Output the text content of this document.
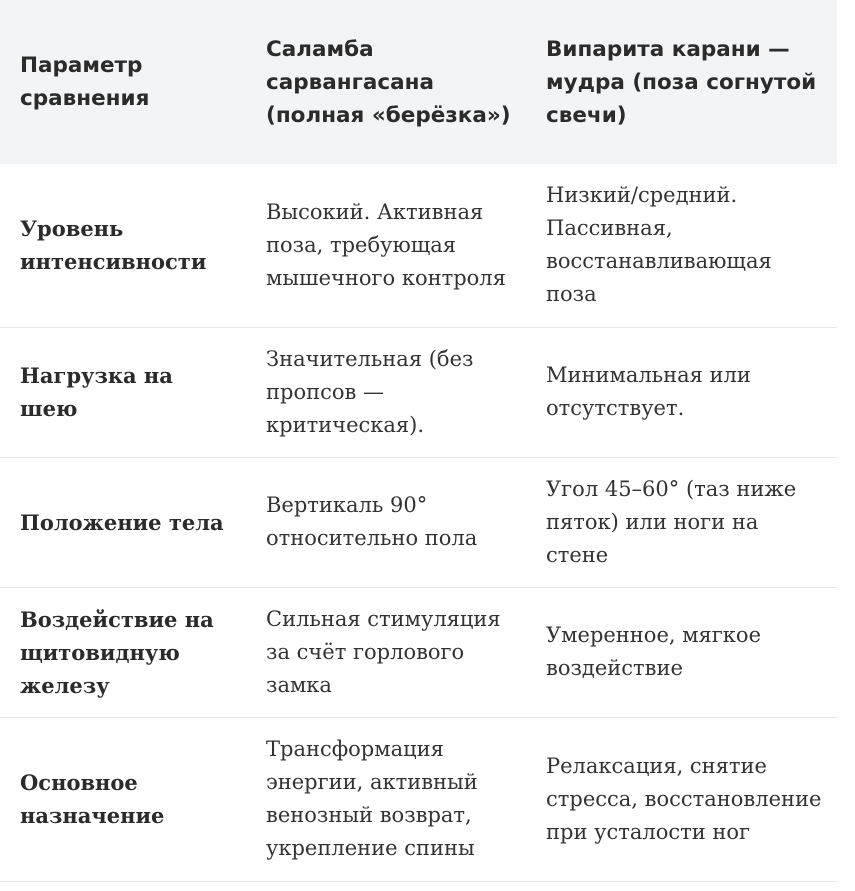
Параметр сравнения	Саламба сарвангасана (полная «берёзка»)	Випарита карани — мудра (поза согнутой свечи)
Уровень интенсивности	Высокий. Активная поза, требующая мышечного контроля	Низкий/средний. Пассивная, восстанавливающая поза
Нагрузка на шею	Значительная (без пропсов — критическая).	Минимальная или отсутствует.
Положение тела	Вертикаль 90° относительно пола	Угол 45–60° (таз ниже пяток) или ноги на стене
Воздействие на щитовидную железу	Сильная стимуляция за счёт горлового замка	Умеренное, мягкое воздействие
Основное назначение	Трансформация энергии, активный венозный возврат, укрепление спины	Релаксация, снятие стресса, восстановление при усталости ног
